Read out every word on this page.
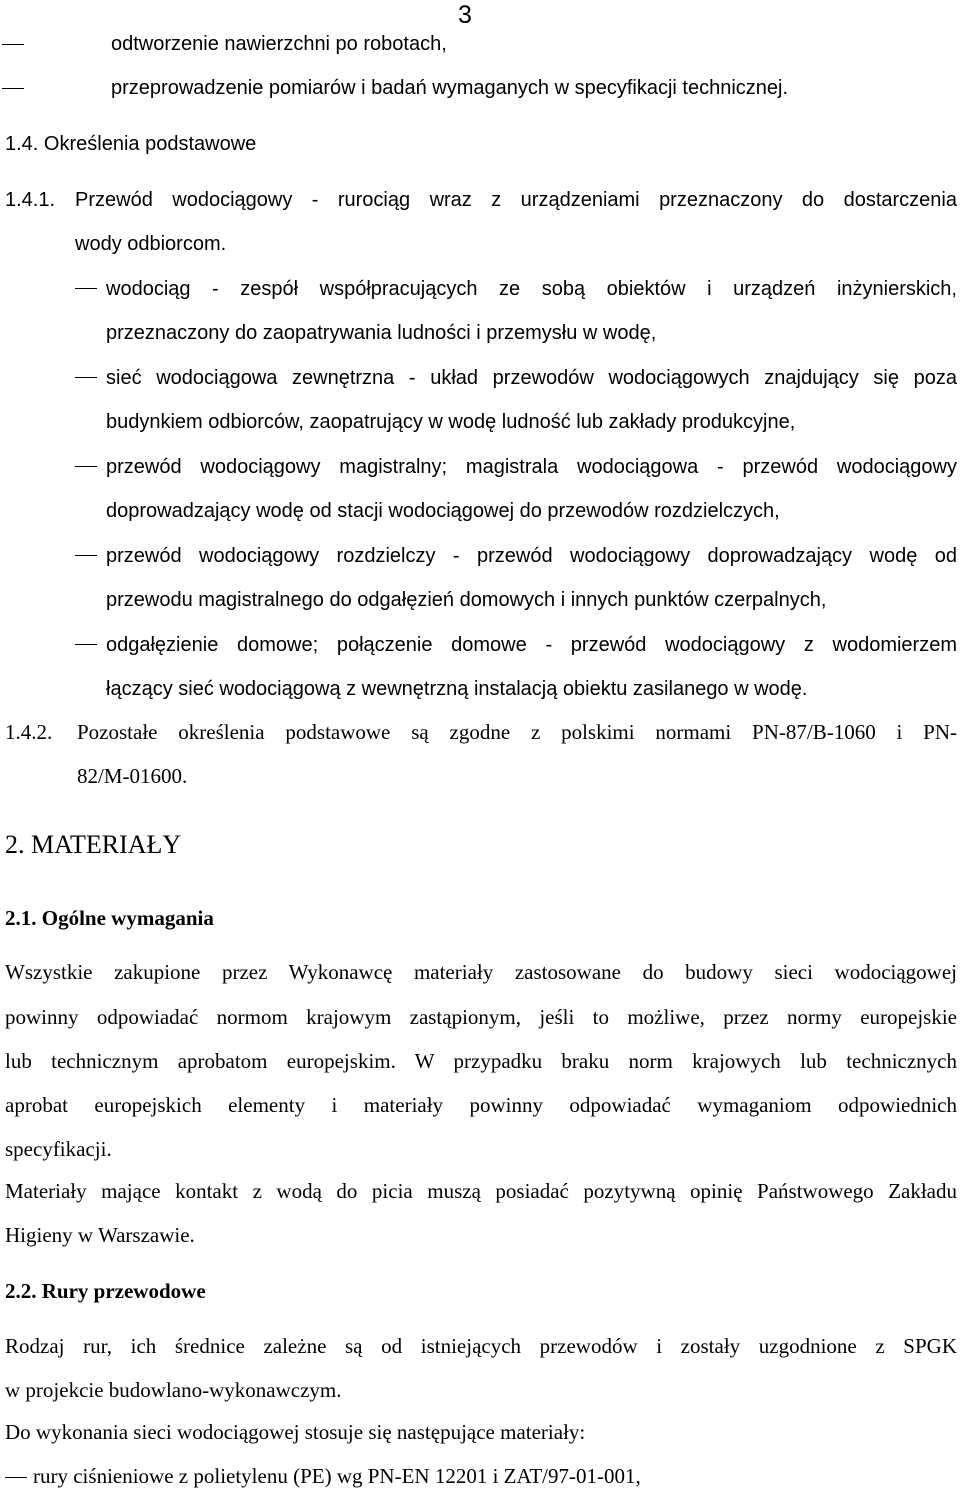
3
odtworzenie nawierzchni po robotach,
przeprowadzenie pomiarów i badań wymaganych w specyfikacji technicznej.
1.4. Określenia podstawowe
1.4.1. Przewód wodociągowy - rurociąg wraz z urządzeniami przeznaczony do dostarczenia
wody odbiorcom.
wodociąg - zespół współpracujących ze sobą obiektów i urządzeń inżynierskich,
przeznaczony do zaopatrywania ludności i przemysłu w wodę,
sieć wodociągowa zewnętrzna - układ przewodów wodociągowych znajdujący się poza
budynkiem odbiorców, zaopatrujący w wodę ludność lub zakłady produkcyjne,
przewód wodociągowy magistralny; magistrala wodociągowa - przewód wodociągowy
doprowadzający wodę od stacji wodociągowej do przewodów rozdzielczych,
przewód wodociągowy rozdzielczy - przewód wodociągowy doprowadzający wodę od
przewodu magistralnego do odgałęzień domowych i innych punktów czerpalnych,
odgałęzienie domowe; połączenie domowe - przewód wodociągowy z wodomierzem
łączący sieć wodociągową z wewnętrzną instalacją obiektu zasilanego w wodę.
1.4.2. Pozostałe określenia podstawowe są zgodne z polskimi normami PN-87/B-1060 i PN-
82/M-01600.
2. MATERIAŁY
2.1. Ogólne wymagania
Wszystkie zakupione przez Wykonawcę materiały zastosowane do budowy sieci wodociągowej
powinny odpowiadać normom krajowym zastąpionym, jeśli to możliwe, przez normy europejskie
lub technicznym aprobatom europejskim. W przypadku braku norm krajowych lub technicznych
aprobat europejskich elementy i materiały powinny odpowiadać wymaganiom odpowiednich
specyfikacji.
Materiały mające kontakt z wodą do picia muszą posiadać pozytywną opinię Państwowego Zakładu
Higieny w Warszawie.
2.2. Rury przewodowe
Rodzaj rur, ich średnice zależne są od istniejących przewodów i zostały uzgodnione z SPGK
w projekcie budowlano-wykonawczym.
Do wykonania sieci wodociągowej stosuje się następujące materiały:
rury ciśnieniowe z polietylenu (PE) wg PN-EN 12201 i ZAT/97-01-001,
